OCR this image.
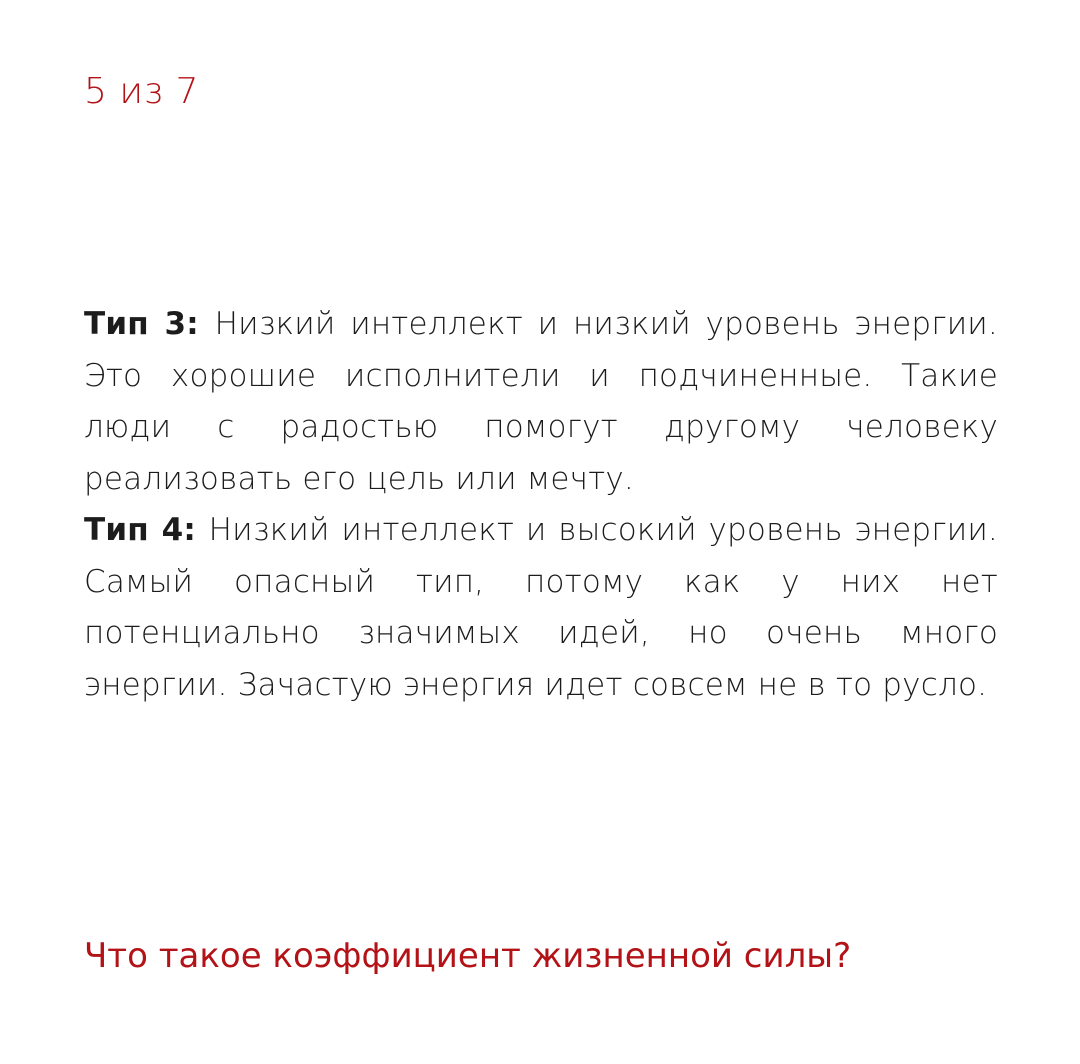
5 из 7

Тип 3: Низкий интеллект и низкий уровень энергии. Это хорошие исполнители и подчиненные. Такие люди с радостью помогут другому человеку реализовать его цель или мечту.

Тип 4: Низкий интеллект и высокий уровень энергии. Самый опасный тип, потому как у них нет потенциально значимых идей, но очень много энергии. Зачастую энергия идет совсем не в то русло.

Что такое коэффициент жизненной силы?
